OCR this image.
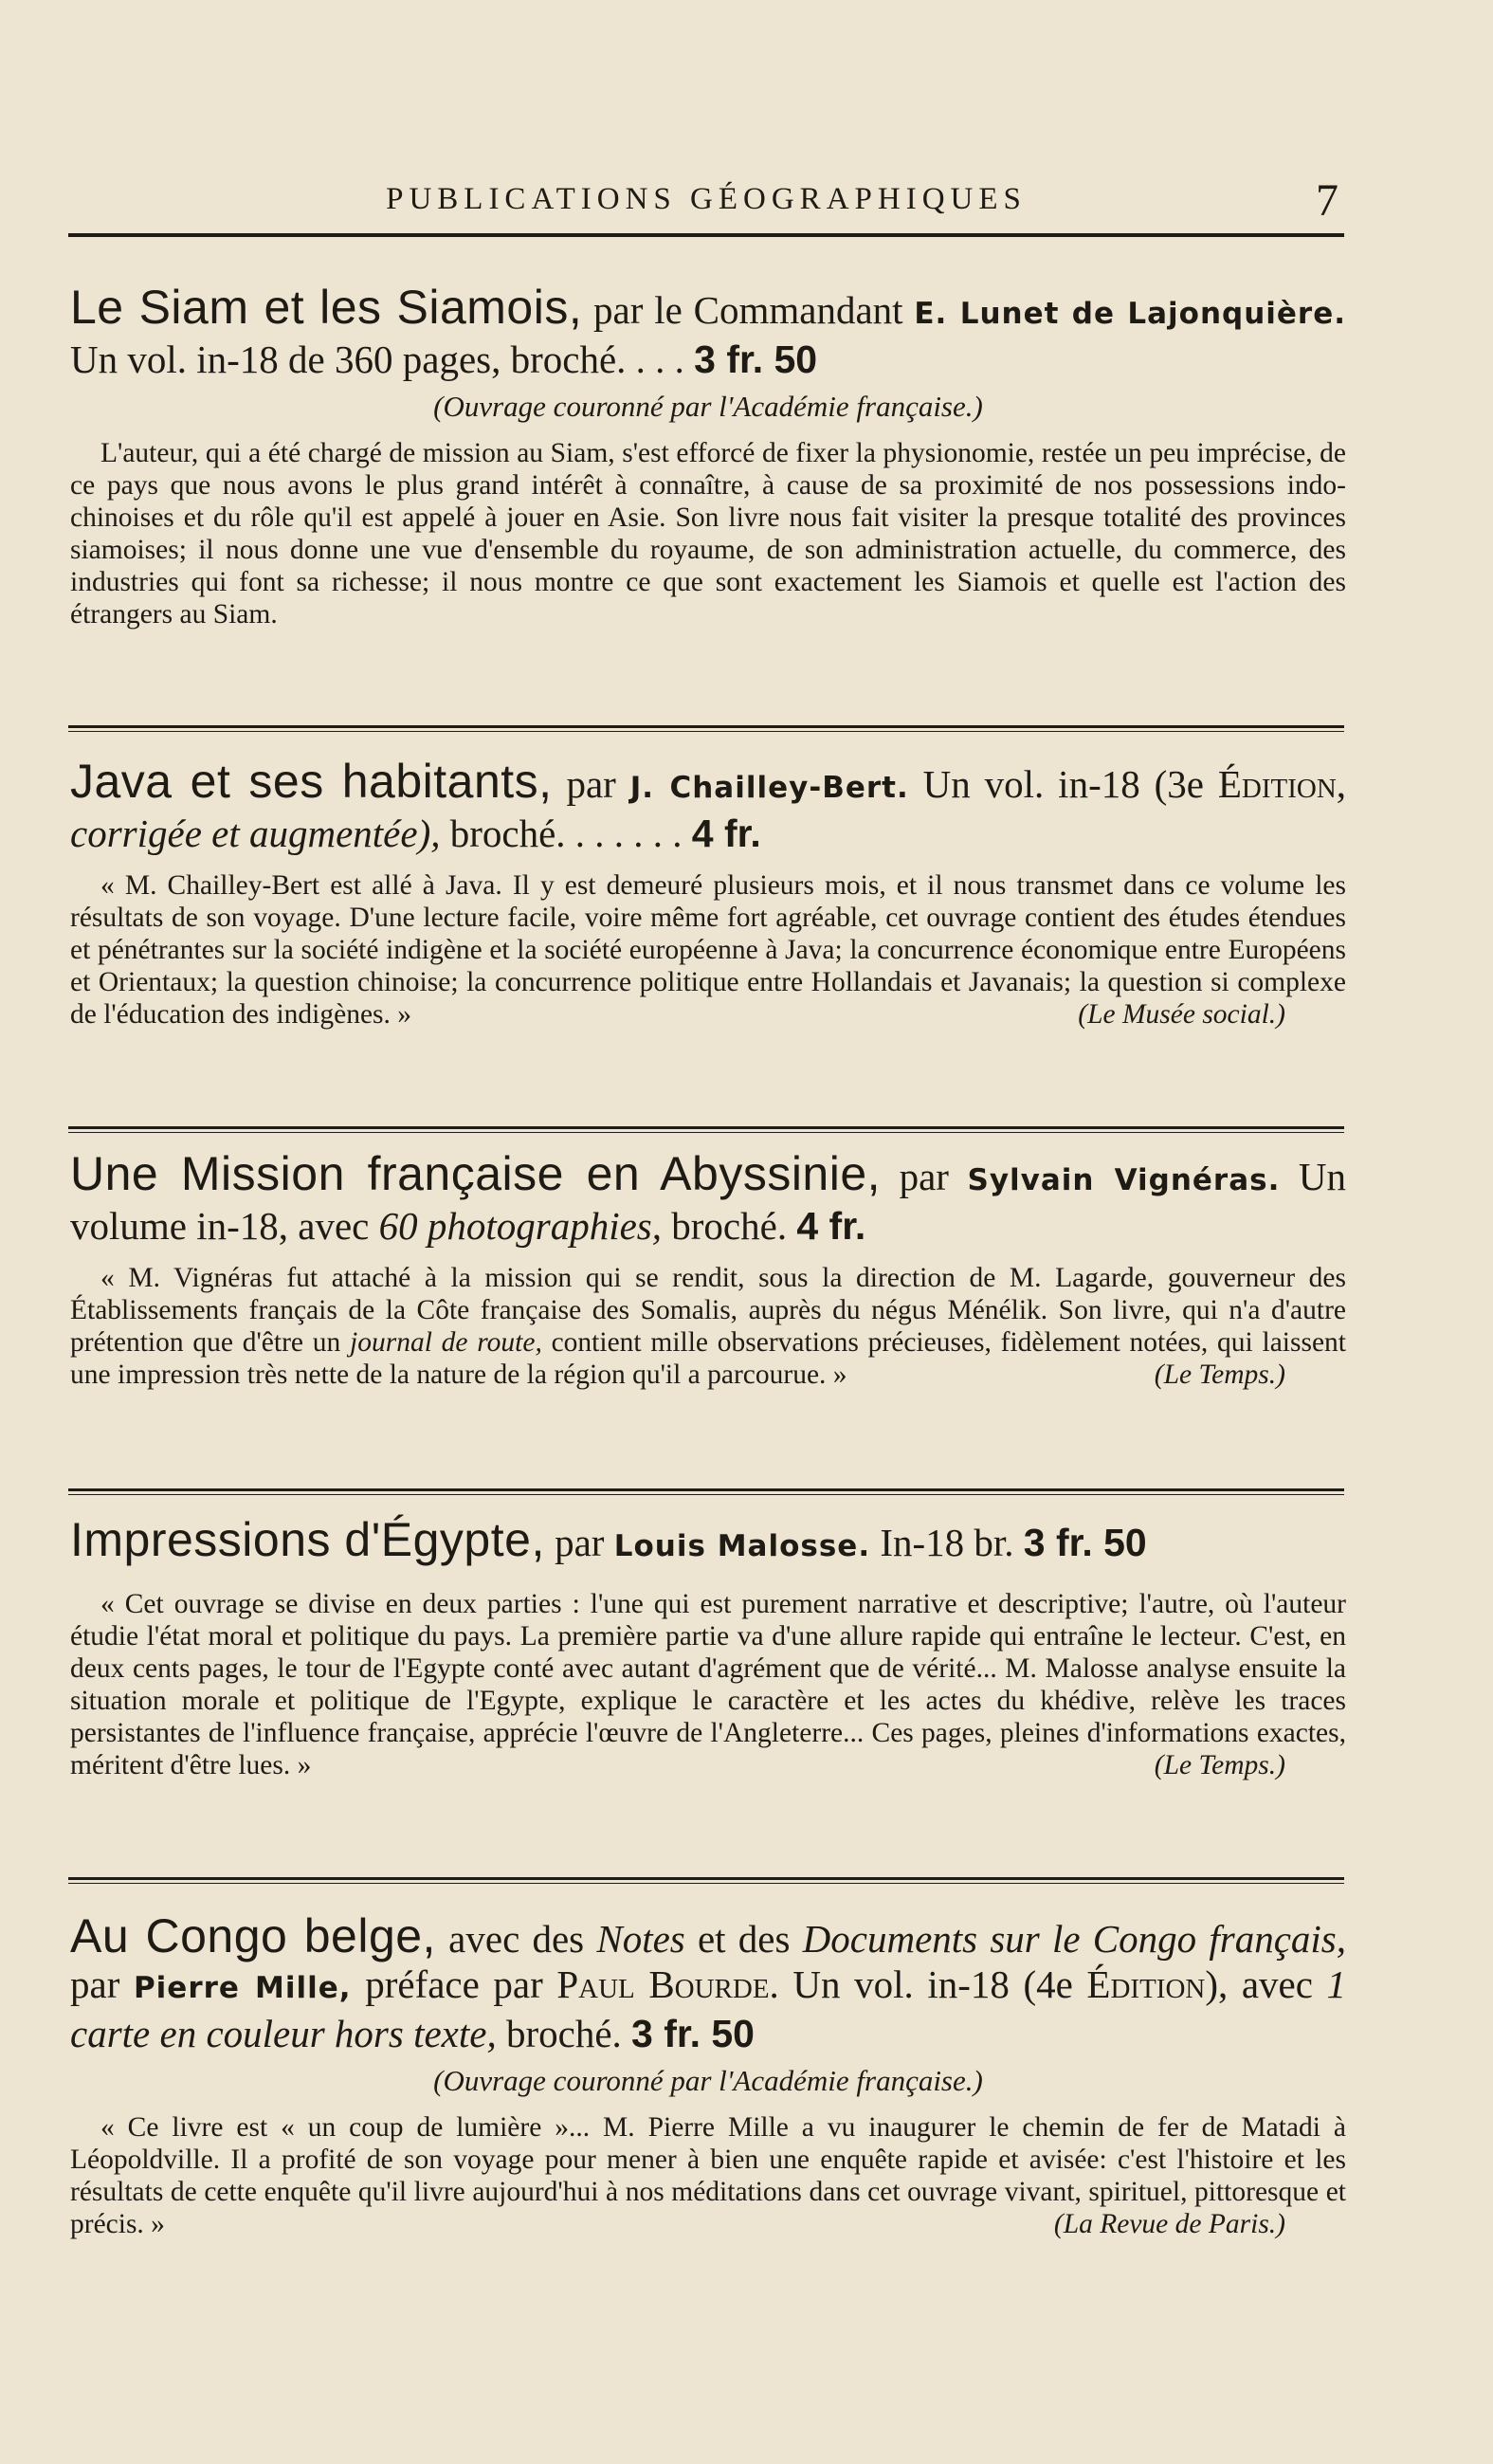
PUBLICATIONS GÉOGRAPHIQUES	7

Le Siam et les Siamois, par le Commandant E. Lunet de Lajonquière. Un vol. in-18 de 360 pages, broché. . . . 3 fr. 50

(Ouvrage couronné par l'Académie française.)

L'auteur, qui a été chargé de mission au Siam, s'est efforcé de fixer la physionomie, restée un peu imprécise, de ce pays que nous avons le plus grand intérêt à connaître, à cause de sa proximité de nos possessions indo-chinoises et du rôle qu'il est appelé à jouer en Asie. Son livre nous fait visiter la presque totalité des provinces siamoises; il nous donne une vue d'ensemble du royaume, de son administration actuelle, du commerce, des industries qui font sa richesse; il nous montre ce que sont exactement les Siamois et quelle est l'action des étrangers au Siam.

Java et ses habitants, par J. Chailley-Bert. Un vol. in-18 (3e Édition, corrigée et augmentée), broché. . . . . . . 4 fr.

« M. Chailley-Bert est allé à Java. Il y est demeuré plusieurs mois, et il nous transmet dans ce volume les résultats de son voyage. D'une lecture facile, voire même fort agréable, cet ouvrage contient des études étendues et pénétrantes sur la société indigène et la société européenne à Java; la concurrence économique entre Européens et Orientaux; la question chinoise; la concurrence politique entre Hollandais et Javanais; la question si complexe de l'éducation des indigènes. »	(Le Musée social.)

Une Mission française en Abyssinie, par Sylvain Vignéras. Un volume in-18, avec 60 photographies, broché. 4 fr.

« M. Vignéras fut attaché à la mission qui se rendit, sous la direction de M. Lagarde, gouverneur des Établissements français de la Côte française des Somalis, auprès du négus Ménélik. Son livre, qui n'a d'autre prétention que d'être un journal de route, contient mille observations précieuses, fidèlement notées, qui laissent une impression très nette de la nature de la région qu'il a parcourue. »	(Le Temps.)

Impressions d'Égypte, par Louis Malosse. In-18 br. 3 fr. 50

« Cet ouvrage se divise en deux parties : l'une qui est purement narrative et descriptive; l'autre, où l'auteur étudie l'état moral et politique du pays. La première partie va d'une allure rapide qui entraîne le lecteur. C'est, en deux cents pages, le tour de l'Egypte conté avec autant d'agrément que de vérité... M. Malosse analyse ensuite la situation morale et politique de l'Egypte, explique le caractère et les actes du khédive, relève les traces persistantes de l'influence française, apprécie l'œuvre de l'Angleterre... Ces pages, pleines d'informations exactes, méritent d'être lues. »	(Le Temps.)

Au Congo belge, avec des Notes et des Documents sur le Congo français, par Pierre Mille, préface par Paul Bourde. Un vol. in-18 (4e Édition), avec 1 carte en couleur hors texte, broché. 3 fr. 50

(Ouvrage couronné par l'Académie française.)

« Ce livre est « un coup de lumière »... M. Pierre Mille a vu inaugurer le chemin de fer de Matadi à Léopoldville. Il a profité de son voyage pour mener à bien une enquête rapide et avisée: c'est l'histoire et les résultats de cette enquête qu'il livre aujourd'hui à nos méditations dans cet ouvrage vivant, spirituel, pittoresque et précis. »	(La Revue de Paris.)
